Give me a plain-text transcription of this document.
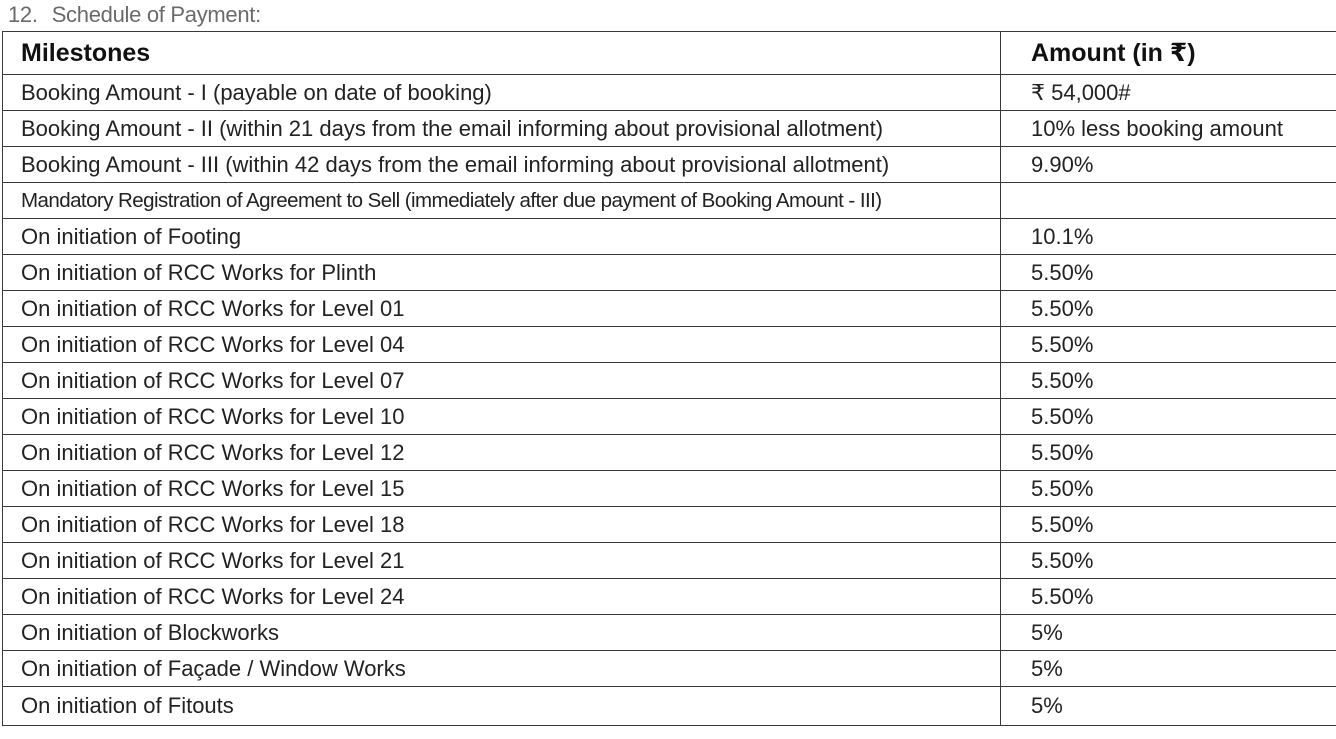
12. Schedule of Payment:
Milestones	Amount (in ₹)
Booking Amount - I (payable on date of booking)	₹ 54,000#
Booking Amount - II (within 21 days from the email informing about provisional allotment)	10% less booking amount
Booking Amount - III (within 42 days from the email informing about provisional allotment)	9.90%
Mandatory Registration of Agreement to Sell (immediately after due payment of Booking Amount - III)	
On initiation of Footing	10.1%
On initiation of RCC Works for Plinth	5.50%
On initiation of RCC Works for Level 01	5.50%
On initiation of RCC Works for Level 04	5.50%
On initiation of RCC Works for Level 07	5.50%
On initiation of RCC Works for Level 10	5.50%
On initiation of RCC Works for Level 12	5.50%
On initiation of RCC Works for Level 15	5.50%
On initiation of RCC Works for Level 18	5.50%
On initiation of RCC Works for Level 21	5.50%
On initiation of RCC Works for Level 24	5.50%
On initiation of Blockworks	5%
On initiation of Façade / Window Works	5%
On initiation of Fitouts	5%
